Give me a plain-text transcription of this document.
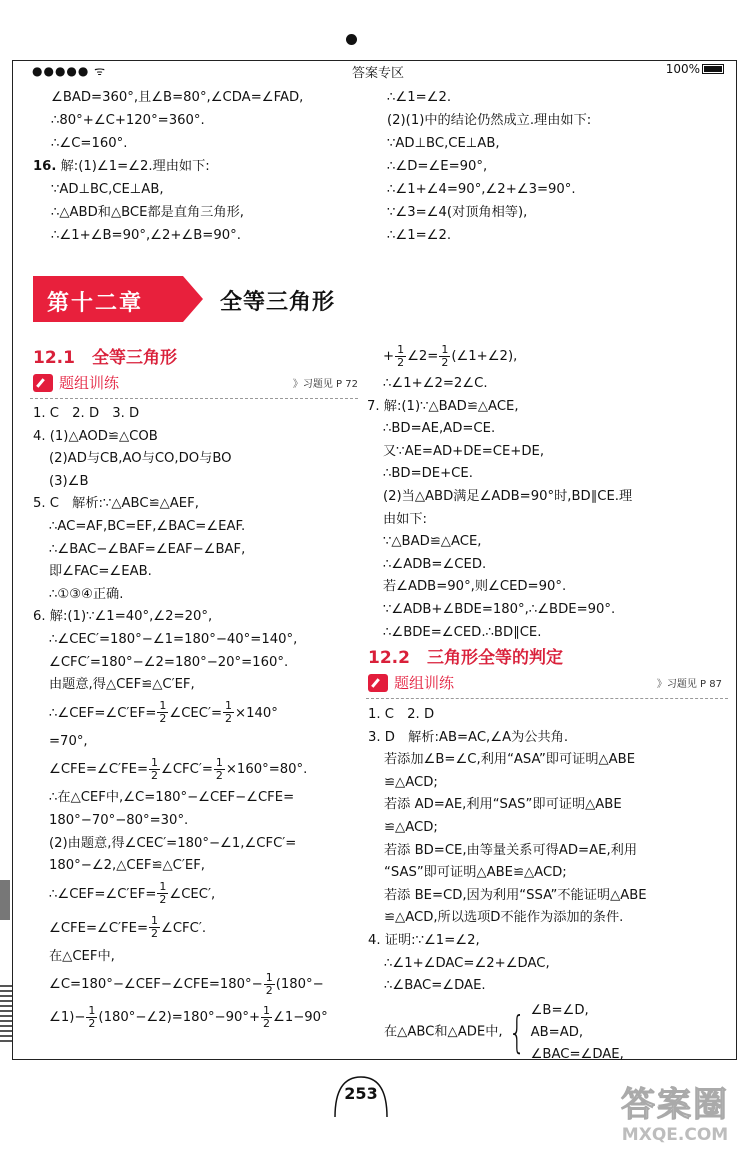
●●●●● ᯤ	答案专区	100%
∠BAD=360°,且∠B=80°,∠CDA=∠FAD,
∴80°+∠C+120°=360°.
∴∠C=160°.
16. 解:(1)∠1=∠2.理由如下:
∵AD⊥BC,CE⊥AB,
∴△ABD和△BCE都是直角三角形,
∴∠1+∠B=90°,∠2+∠B=90°.
∴∠1=∠2.
(2)(1)中的结论仍然成立.理由如下:
∵AD⊥BC,CE⊥AB,
∴∠D=∠E=90°,
∴∠1+∠4=90°,∠2+∠3=90°.
∵∠3=∠4(对顶角相等),
∴∠1=∠2.
第十二章	全等三角形
12.1　全等三角形
题组训练	》习题见 P 72
1. C　2. D　3. D
4. (1)△AOD≌△COB
(2)AD与CB,AO与CO,DO与BO
(3)∠B
5. C　解析:∵△ABC≌△AEF,
∴AC=AF,BC=EF,∠BAC=∠EAF.
∴∠BAC−∠BAF=∠EAF−∠BAF,
即∠FAC=∠EAB.
∴①③④正确.
6. 解:(1)∵∠1=40°,∠2=20°,
∴∠CEC′=180°−∠1=180°−40°=140°,
∠CFC′=180°−∠2=180°−20°=160°.
由题意,得△CEF≌△C′EF,
∴∠CEF=∠C′EF= $\frac{1}{2}$ ∠CEC′= $\frac{1}{2} \times 140^\circ$
=70°,
∠CFE=∠C′FE= $\frac{1}{2}$ ∠CFC′= $\frac{1}{2} \times 160^\circ=80^\circ$.
∴在△CEF中,∠C=180°−∠CEF−∠CFE=
180°−70°−80°=30°.
(2)由题意,得∠CEC′=180°−∠1,∠CFC′=
180°−∠2,△CEF≌△C′EF,
∴∠CEF=∠C′EF= $\frac{1}{2}$ ∠CEC′,
∠CFE=∠C′FE= $\frac{1}{2}$ ∠CFC′.
在△CEF中,
∠C=180°−∠CEF−∠CFE=180°− $\frac{1}{2} (180^\circ-$
∠1)− $\frac{1}{2}$ (180°−∠2)=180°−90°+ $\frac{1}{2}$ ∠1−90°
+ $\frac{1}{2}$ ∠2= $\frac{1}{2}$ (∠1+∠2),
∴∠1+∠2=2∠C.
7. 解:(1)∵△BAD≌△ACE,
∴BD=AE,AD=CE.
又∵AE=AD+DE=CE+DE,
∴BD=DE+CE.
(2)当△ABD满足∠ADB=90°时,BD∥CE.理
由如下:
∵△BAD≌△ACE,
∴∠ADB=∠CED.
若∠ADB=90°,则∠CED=90°.
∵∠ADB+∠BDE=180°,∴∠BDE=90°.
∴∠BDE=∠CED.∴BD∥CE.
12.2　三角形全等的判定
题组训练	》习题见 P 87
1. C　2. D
3. D　解析:AB=AC,∠A为公共角.
若添加∠B=∠C,利用“ASA”即可证明△ABE
≌△ACD;
若添 AD=AE,利用“SAS”即可证明△ABE
≌△ACD;
若添 BD=CE,由等量关系可得AD=AE,利用
“SAS”即可证明△ABE≌△ACD;
若添 BE=CD,因为利用“SSA”不能证明△ABE
≌△ACD,所以选项D不能作为添加的条件.
4. 证明:∵∠1=∠2,
∴∠1+∠DAC=∠2+∠DAC,
∴∠BAC=∠DAE.
在△ABC和△ADE中, { ∠B=∠D,
AB=AD,
∠BAC=∠DAE,
253	答案圈
MXQE.COM
